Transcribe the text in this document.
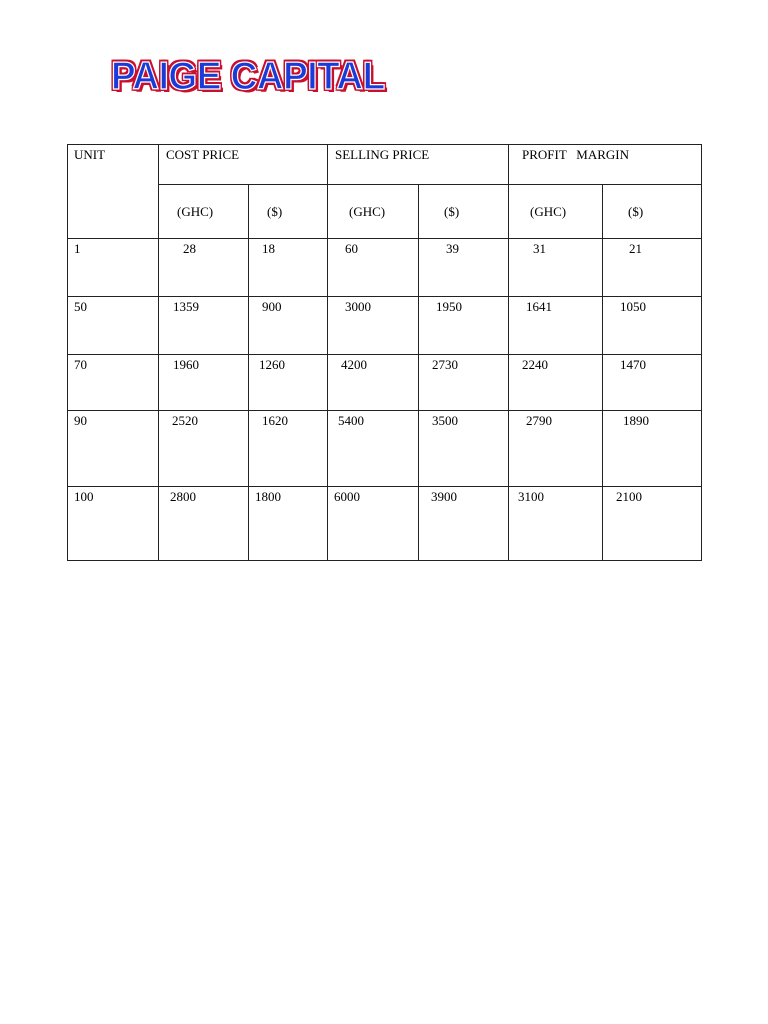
PAIGE CAPITAL
UNIT	COST PRICE		SELLING PRICE		PROFIT   MARGIN	

	(GHC)	($)	(GHC)	($)	(GHC)	($)

1	28	18	60	39	31	21

50	1359	900	3000	1950	1641	1050

70	1960	1260	4200	2730	2240	1470

90	2520	1620	5400	3500	2790	1890

100	2800	1800	6000	3900	3100	2100
